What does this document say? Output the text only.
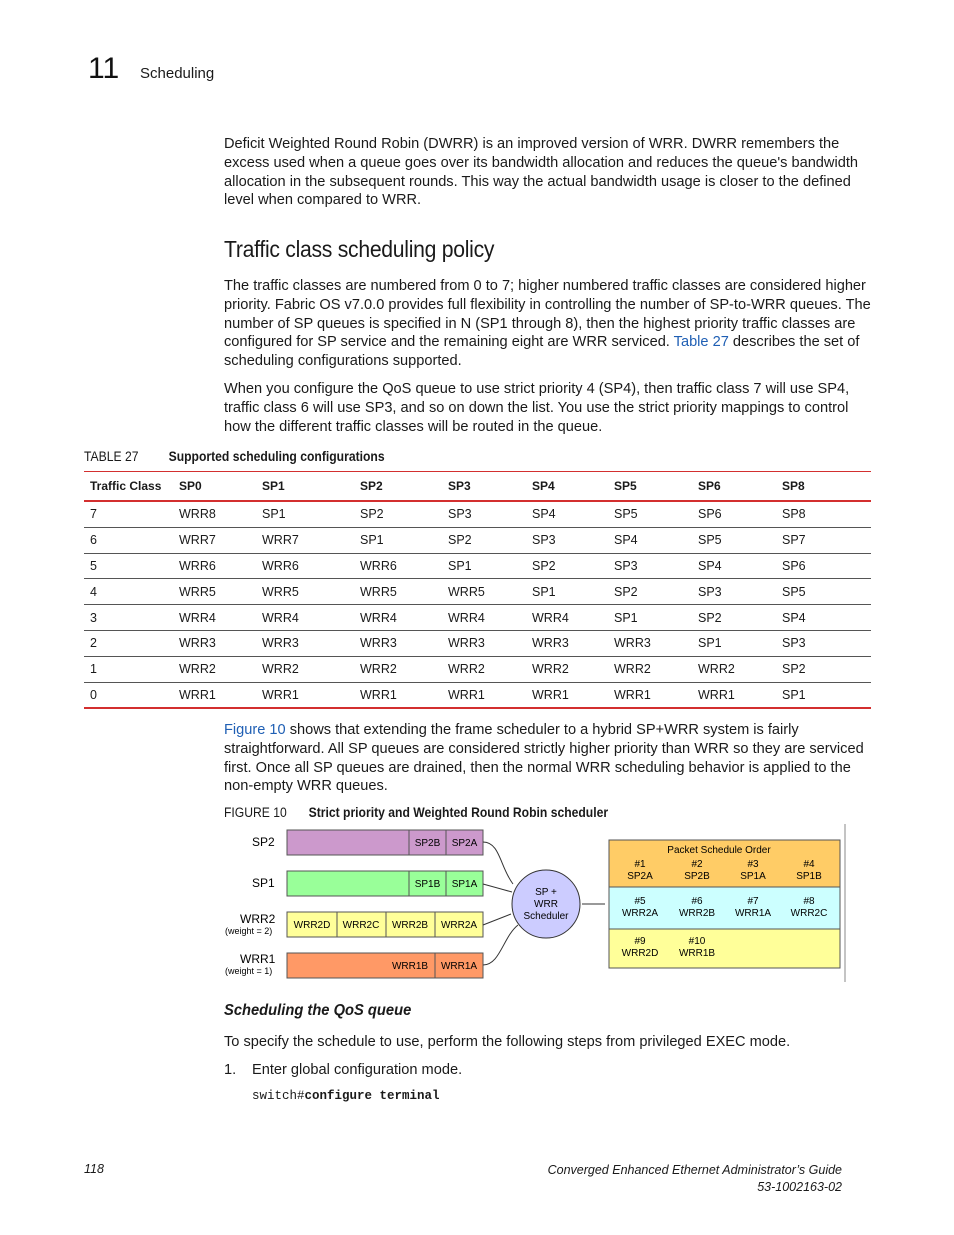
11 Scheduling

Deficit Weighted Round Robin (DWRR) is an improved version of WRR. DWRR remembers the excess used when a queue goes over its bandwidth allocation and reduces the queue's bandwidth allocation in the subsequent rounds. This way the actual bandwidth usage is closer to the defined level when compared to WRR.

Traffic class scheduling policy

The traffic classes are numbered from 0 to 7; higher numbered traffic classes are considered higher priority. Fabric OS v7.0.0 provides full flexibility in controlling the number of SP-to-WRR queues. The number of SP queues is specified in N (SP1 through 8), then the highest priority traffic classes are configured for SP service and the remaining eight are WRR serviced. Table 27 describes the set of scheduling configurations supported.

When you configure the QoS queue to use strict priority 4 (SP4), then traffic class 7 will use SP4, traffic class 6 will use SP3, and so on down the list. You use the strict priority mappings to control how the different traffic classes will be routed in the queue.

TABLE 27 Supported scheduling configurations
Traffic Class	SP0	SP1	SP2	SP3	SP4	SP5	SP6	SP8
7	WRR8	SP1	SP2	SP3	SP4	SP5	SP6	SP8
6	WRR7	WRR7	SP1	SP2	SP3	SP4	SP5	SP7
5	WRR6	WRR6	WRR6	SP1	SP2	SP3	SP4	SP6
4	WRR5	WRR5	WRR5	WRR5	SP1	SP2	SP3	SP5
3	WRR4	WRR4	WRR4	WRR4	WRR4	SP1	SP2	SP4
2	WRR3	WRR3	WRR3	WRR3	WRR3	WRR3	SP1	SP3
1	WRR2	WRR2	WRR2	WRR2	WRR2	WRR2	WRR2	SP2
0	WRR1	WRR1	WRR1	WRR1	WRR1	WRR1	WRR1	SP1

Figure 10 shows that extending the frame scheduler to a hybrid SP+WRR system is fairly straightforward. All SP queues are considered strictly higher priority than WRR so they are serviced first. Once all SP queues are drained, then the normal WRR scheduling behavior is applied to the non-empty WRR queues.

FIGURE 10 Strict priority and Weighted Round Robin scheduler
SP2
SP1
WRR2
(weight = 2)
WRR1
(weight = 1)
SP2B SP2A
SP1B SP1A
WRR2D WRR2C WRR2B WRR2A
WRR1B WRR1A
SP +
WRR
Scheduler
Packet Schedule Order
#1
SP2A
#2
SP2B
#3
SP1A
#4
SP1B
#5
WRR2A
#6
WRR2B
#7
WRR1A
#8
WRR2C
#9
WRR2D
#10
WRR1B
Scheduling the QoS queue

To specify the schedule to use, perform the following steps from privileged EXEC mode.

1. Enter global configuration mode.

switch#configure terminal
118	Converged Enhanced Ethernet Administrator’s Guide
53-1002163-02
